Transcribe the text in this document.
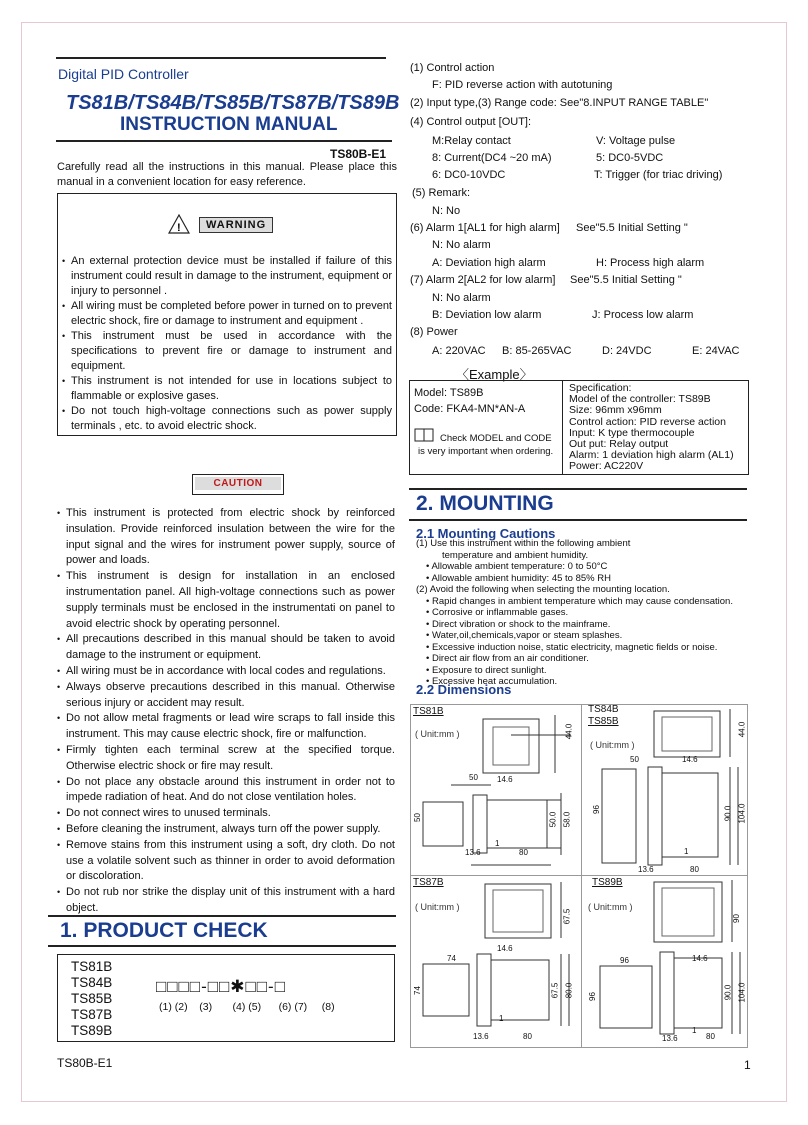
Digital PID Controller
TS81B/TS84B/TS85B/TS87B/TS89B
INSTRUCTION MANUAL
TS80B-E1
Carefully read all the instructions in this manual. Please place this manual in a convenient location for easy reference.
!	WARNING
• An external protection device must be installed if failure of this instrument could result in damage to the instrument, equipment or injury to personnel .
• All wiring must be completed before power in turned on to prevent electric shock, fire or damage to instrument and equipment .
• This instrument must be used in accordance with the specifications to prevent fire or damage to instrument and equipment.
• This instrument is not intended for use in locations subject to flammable or explosive gases.
• Do not touch high-voltage connections such as power supply terminals , etc. to avoid electric shock.
CAUTION
• This instrument is protected from electric shock by reinforced insulation. Provide reinforced insulation between the wire for the input signal and the wires for instrument power supply, source of power and loads.
• This instrument is design for installation in an enclosed instrumentation panel. All high-voltage connections such as power supply terminals must be enclosed in the instrumentati on panel to avoid electric shock by operating personnel.
• All precautions described in this manual should be taken to avoid damage to the instrument or equipment.
• All wiring must be in accordance with local codes and regulations.
• Always observe precautions described in this manual. Otherwise serious injury or accident may result.
• Do not allow metal fragments or lead wire scraps to fall inside this instrument. This may cause electric shock, fire or malfunction.
• Firmly tighten each terminal screw at the specified torque. Otherwise electric shock or fire may result.
• Do not place any obstacle around this instrument in order not to impede radiation of heat. And do not close ventilation holes.
• Do not connect wires to unused terminals.
• Before cleaning the instrument, always turn off the power supply.
• Remove stains from this instrument using a soft, dry cloth. Do not use a volatile solvent such as thinner in order to avoid deformation or discoloration.
• Do not rub nor strike the display unit of this instrument with a hard object.
1. PRODUCT CHECK
TS81B
TS84B
TS85B
TS87B
TS89B
□□□□-□□✱□□-□
(1) (2)    (3)       (4) (5)      (6) (7)     (8)
TS80B-E1	1
(1) Control action
F: PID reverse action with autotuning
(2) Input type,(3) Range code: See"8.INPUT RANGE TABLE"
(4) Control output [OUT]:
M:Relay contact	V: Voltage pulse
8: Current(DC4 ~20 mA)	5: DC0-5VDC
6: DC0-10VDC	T: Trigger (for triac driving)
(5) Remark:
N: No
(6) Alarm 1[AL1 for high alarm] See"5.5 Initial Setting "
N: No alarm
A: Deviation high alarm	H: Process high alarm
(7) Alarm 2[AL2 for low alarm] See"5.5 Initial Setting "
N: No alarm
B: Deviation low alarm	J: Process low alarm
(8) Power
A: 220VAC B: 85-265VAC	D: 24VDC	E: 24VAC
〈Example〉
Model: TS89B
Code: FKA4-MN*AN-A
Check MODEL and CODE
is very important when ordering.
Specification:
Model of the controller: TS89B
Size: 96mm x96mm
Control action: PID reverse action
Input: K type thermocouple
Out put: Relay output
Alarm: 1 deviation high alarm (AL1)
Power: AC220V
2. MOUNTING
2.1 Mounting Cautions
(1) Use this instrument within the following ambient
temperature and ambient humidity.
• Allowable ambient temperature: 0 to 50°C
• Allowable ambient humidity: 45 to 85% RH
(2) Avoid the following when selecting the mounting location.
• Rapid changes in ambient temperature which may cause condensation.
• Corrosive or inflammable gases.
• Direct vibration or shock to the mainframe.
• Water,oil,chemicals,vapor or steam splashes.
• Excessive induction noise, static electricity, magnetic fields or noise.
• Direct air flow from an air conditioner.
• Exposure to direct sunlight.
• Excessive heat accumulation.
2.2 Dimensions
TS81B
( Unit:mm )	44.0
50 14.6
50	50.0 58.0
1
13.6	80
TS84B
TS85B
( Unit:mm )
44.0
50	14.6
96	90.0 104.0
1
13.6	80
TS87B
( Unit:mm )
67.5
74
14.6
74	67.5 80.0
1
13.6	80
TS89B
( Unit:mm )
90
96	14.6
96	90.0 104.0
1
13.6	80
